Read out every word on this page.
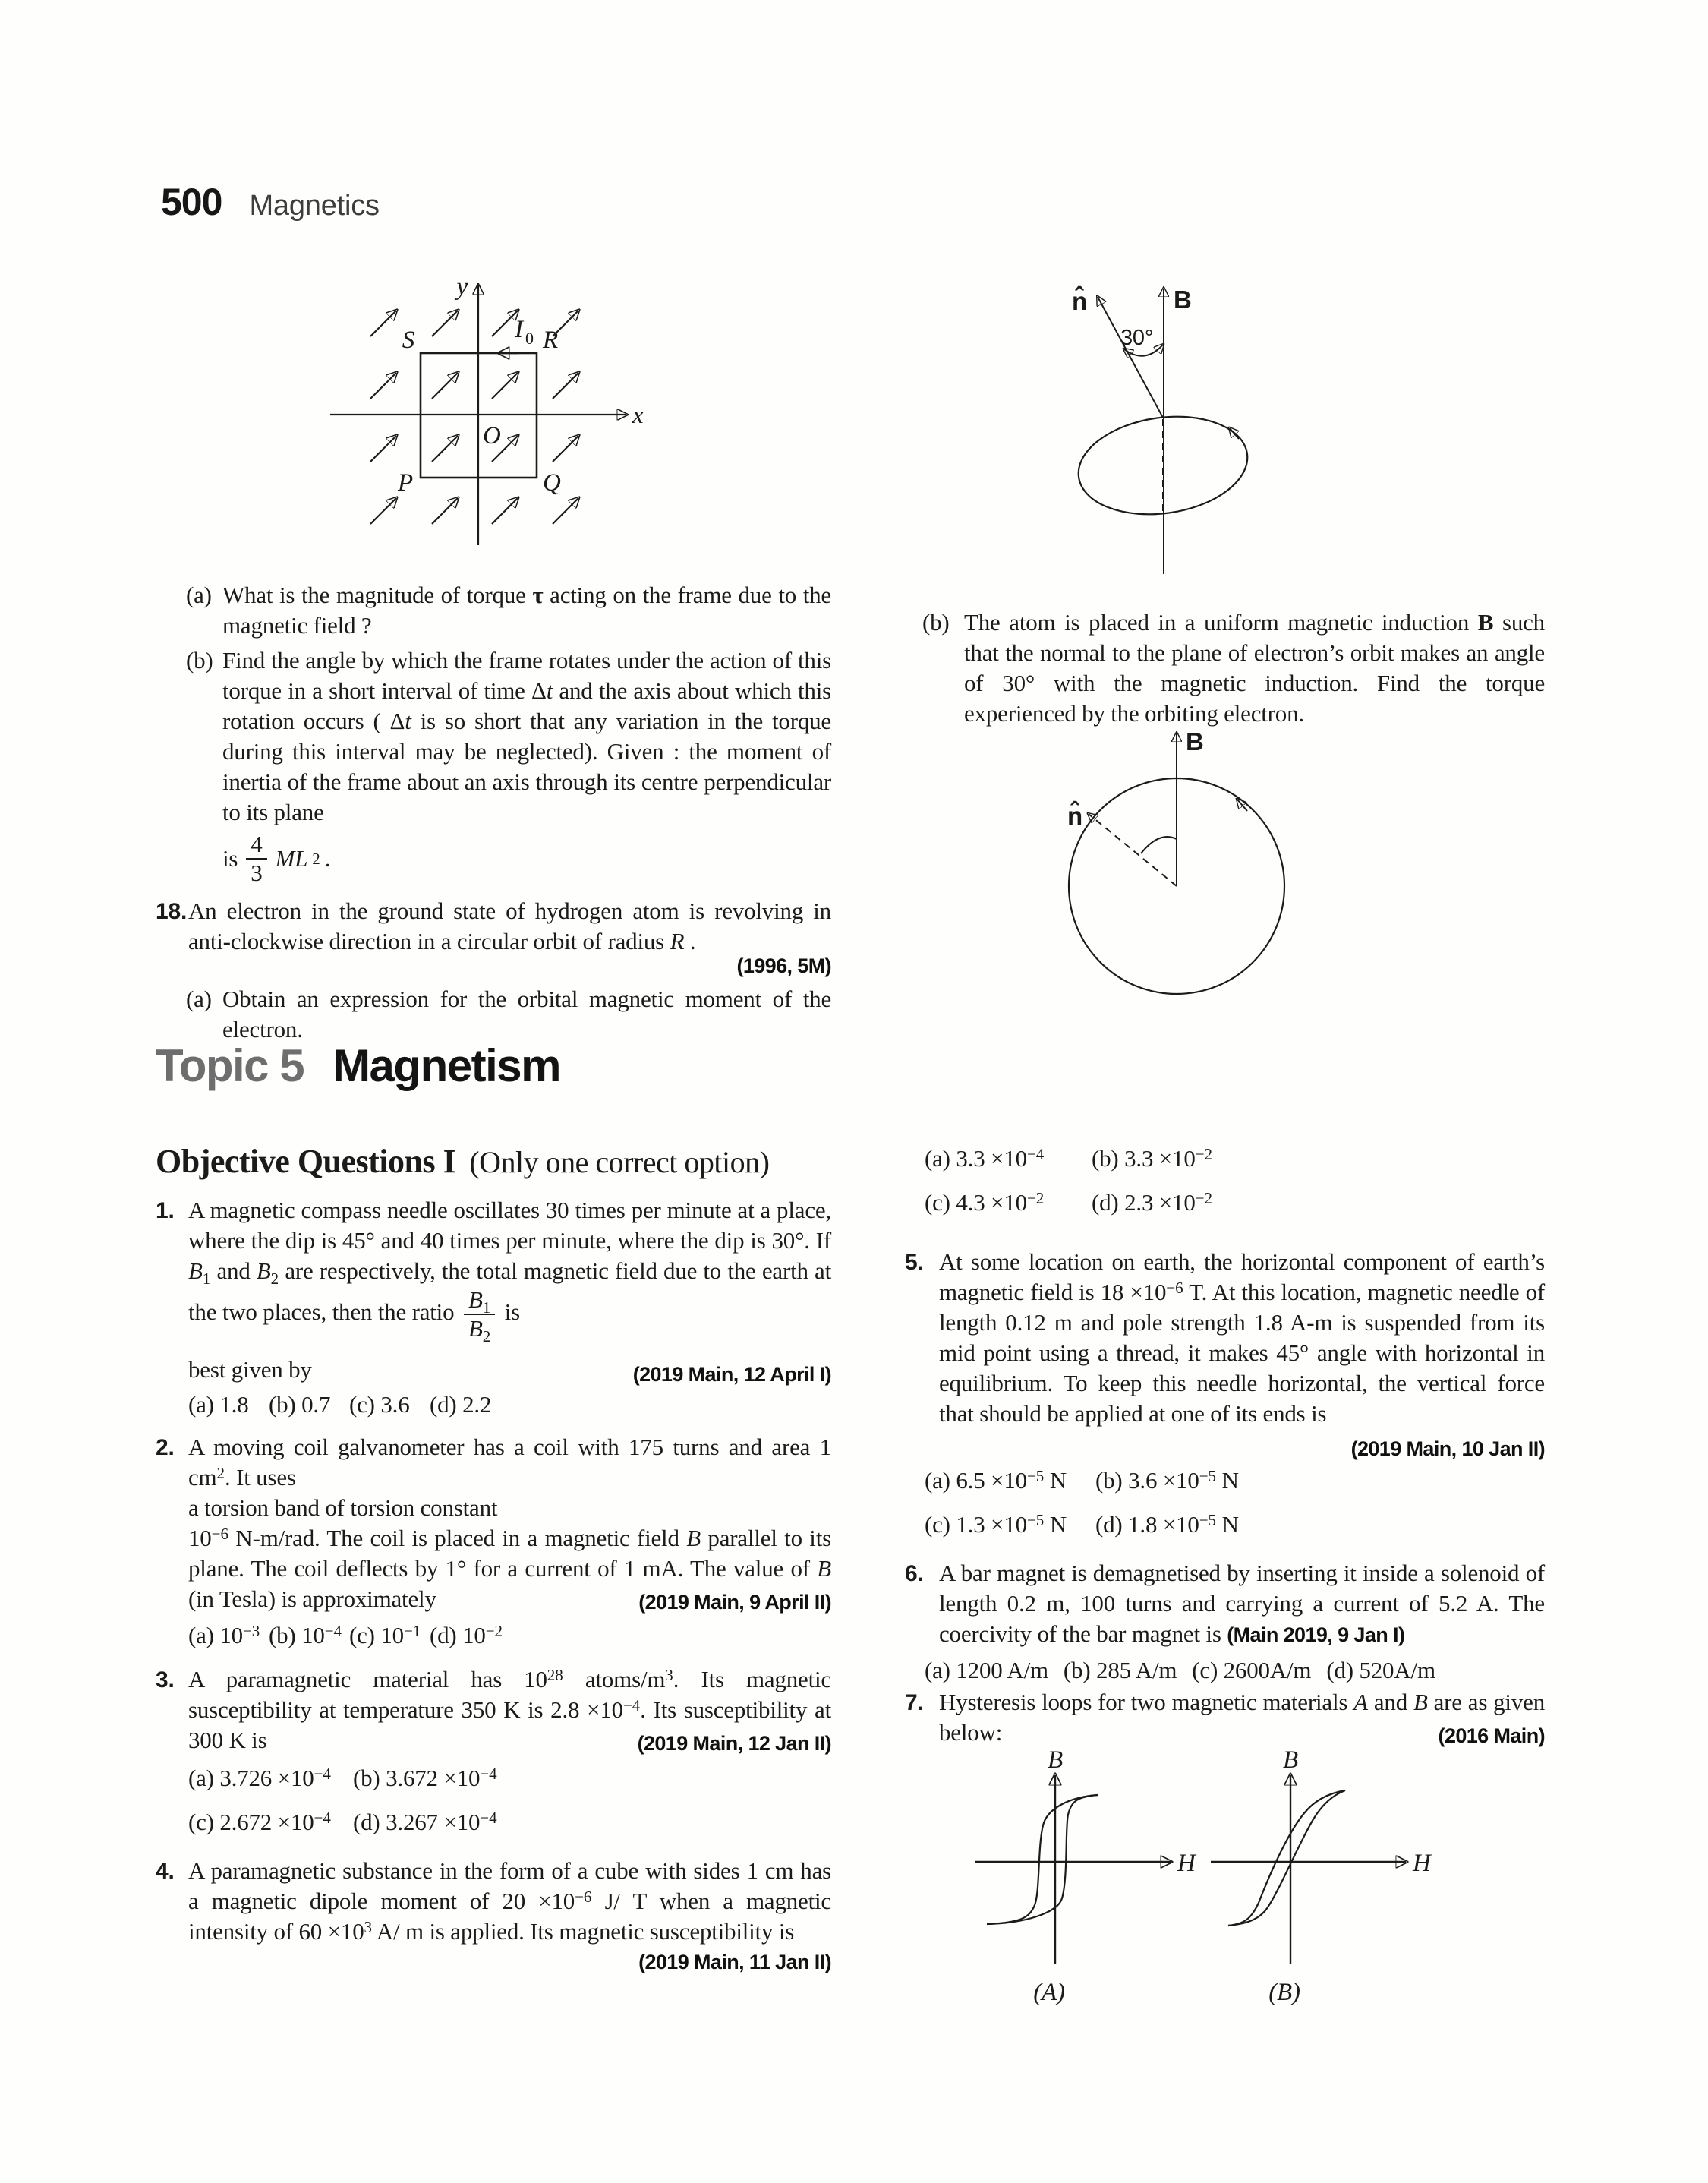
500 Magnetics
y
x
O
S	R
P	Q
I 0
(a) What is the magnitude of torque τ acting on the frame due to the magnetic field ?
(b) Find the angle by which the frame rotates under the action of this torque in a short interval of time Δt and the axis about which this rotation occurs ( Δt is so short that any variation in the torque during this interval may be neglected). Given : the moment of inertia of the frame about an axis through its centre perpendicular to its plane
is $\frac{4}{3}$ ML 2 .
18. An electron in the ground state of hydrogen atom is revolving in anti-clockwise direction in a circular orbit of radius R .
(1996, 5M)
(a) Obtain an expression for the orbital magnetic moment of the electron.
Topic 5 Magnetism
Objective Questions I (Only one correct option)
1. A magnetic compass needle oscillates 30 times per minute at a place, where the dip is 45° and 40 times per minute, where the dip is 30°. If $B_1$ and $B_2$ are respectively, the total magnetic field due to the earth at the two places, then the ratio $\frac{B_1}{B_2}$ is
best given by	(2019 Main, 12 April I)
(a) 1.8 (b) 0.7 (c) 3.6 (d) 2.2
2. A moving coil galvanometer has a coil with 175 turns and area 1 $cm^2$. It uses
a torsion band of torsion constant
$10^{-6}$ N-m/rad. The coil is placed in a magnetic field B parallel to its plane. The coil deflects by 1° for a current of 1 mA. The value of B (in Tesla) is approximately	(2019 Main, 9 April II)
(a) $10^{-3}$ (b) $10^{-4}$ (c) $10^{-1}$ (d) $10^{-2}$
3. A paramagnetic material has $10^{28}$ atoms/$m^3$. Its magnetic susceptibility at temperature 350 K is $2.8 \times 10^{-4}$. Its susceptibility at 300 K is	(2019 Main, 12 Jan II)
(a) $3.726 \times 10^{-4}$ (b) $3.672 \times 10^{-4}$
(c) $2.672 \times 10^{-4}$ (d) $3.267 \times 10^{-4}$
4. A paramagnetic substance in the form of a cube with sides 1 cm has a magnetic dipole moment of $20 \times 10^{-6}$ J/ T when a magnetic intensity of $60 \times 10^3$ A/ m is applied. Its magnetic susceptibility is
(2019 Main, 11 Jan II)
B
n̂
30°
(b) The atom is placed in a uniform magnetic induction B such that the normal to the plane of electron’s orbit makes an angle of 30° with the magnetic induction. Find the torque experienced by the orbiting electron.
B
n̂
(a) $3.3 \times 10^{-4}$	(b) $3.3 \times 10^{-2}$
(c) $4.3 \times 10^{-2}$	(d) $2.3 \times 10^{-2}$
5. At some location on earth, the horizontal component of earth’s magnetic field is $18 \times 10^{-6}$ T. At this location, magnetic needle of length 0.12 m and pole strength 1.8 A-m is suspended from its mid point using a thread, it makes 45° angle with horizontal in equilibrium. To keep this needle horizontal, the vertical force that should be applied at one of its ends is
(2019 Main, 10 Jan II)
(a) $6.5 \times 10^{-5}$ N	(b) $3.6 \times 10^{-5}$ N
(c) $1.3 \times 10^{-5}$ N	(d) $1.8 \times 10^{-5}$ N
6. A bar magnet is demagnetised by inserting it inside a solenoid of length 0.2 m, 100 turns and carrying a current of 5.2 A. The coercivity of the bar magnet is (Main 2019, 9 Jan I)
(a) 1200 A/m (b) 285 A/m (c) 2600A/m (d) 520A/m
7. Hysteresis loops for two magnetic materials A and B are as given below:	(2016 Main)
B
H
(A)
B
H
(B)
